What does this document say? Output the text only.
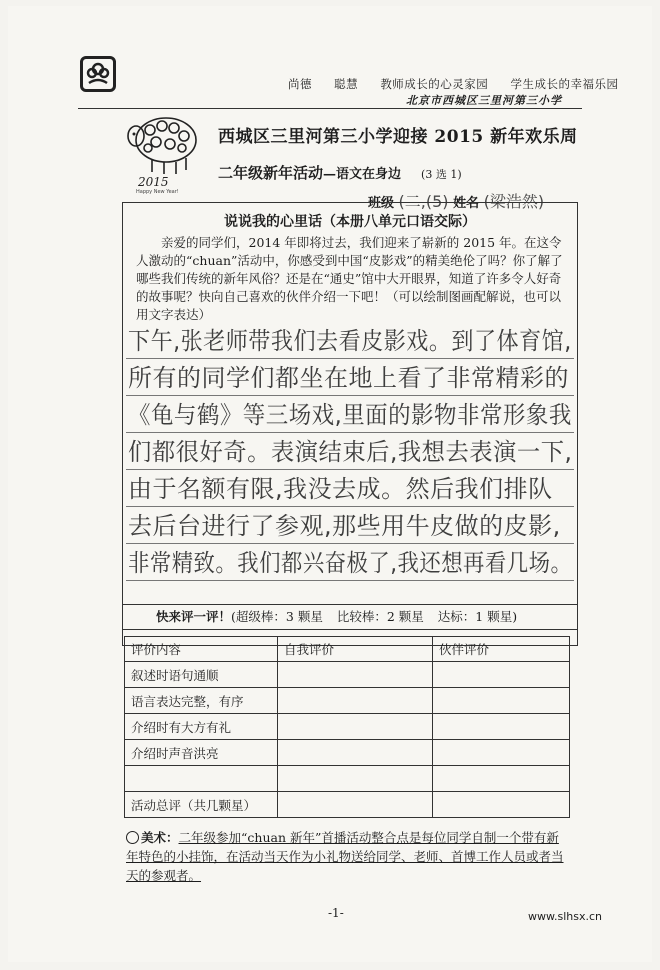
尚德 聪慧 教师成长的心灵家园 学生成长的幸福乐园
北京市西城区三里河第三小学
2015
Happy New Year!
西城区三里河第三小学迎接 2015 新年欢乐周
二年级新年活动—语文在身边 (3 选 1)
班级 (二,(5) 姓名 (梁浩然)
说说我的心里话（本册八单元口语交际）
亲爱的同学们，2014 年即将过去，我们迎来了崭新的 2015 年。在这令人激动的“chuan”活动中，你感受到中国“皮影戏”的精美绝伦了吗？你了解了哪些我们传统的新年风俗？还是在“通史”馆中大开眼界，知道了许多令人好奇的故事呢？快向自己喜欢的伙伴介绍一下吧！（可以绘制图画配解说，也可以用文字表达）
下午,张老师带我们去看皮影戏。到了体育馆,
所有的同学们都坐在地上看了非常精彩的
《龟与鹤》等三场戏,里面的影物非常形象我
们都很好奇。表演结束后,我想去表演一下,
由于名额有限,我没去成。然后我们排队
去后台进行了参观,那些用牛皮做的皮影,
非常精致。我们都兴奋极了,我还想再看几场。
快来评一评！(超级棒：3 颗星 比较棒：2 颗星 达标：1 颗星)
评价内容	自我评价	伙伴评价
叙述时语句通顺		
语言表达完整，有序		
介绍时有大方有礼		
介绍时声音洪亮		

活动总评（共几颗星）		
美术：二年级参加“chuan 新年”首播活动整合点是每位同学自制一个带有新年特色的小挂饰，在活动当天作为小礼物送给同学、老师、首博工作人员或者当天的参观者。
-1-	www.slhsx.cn
